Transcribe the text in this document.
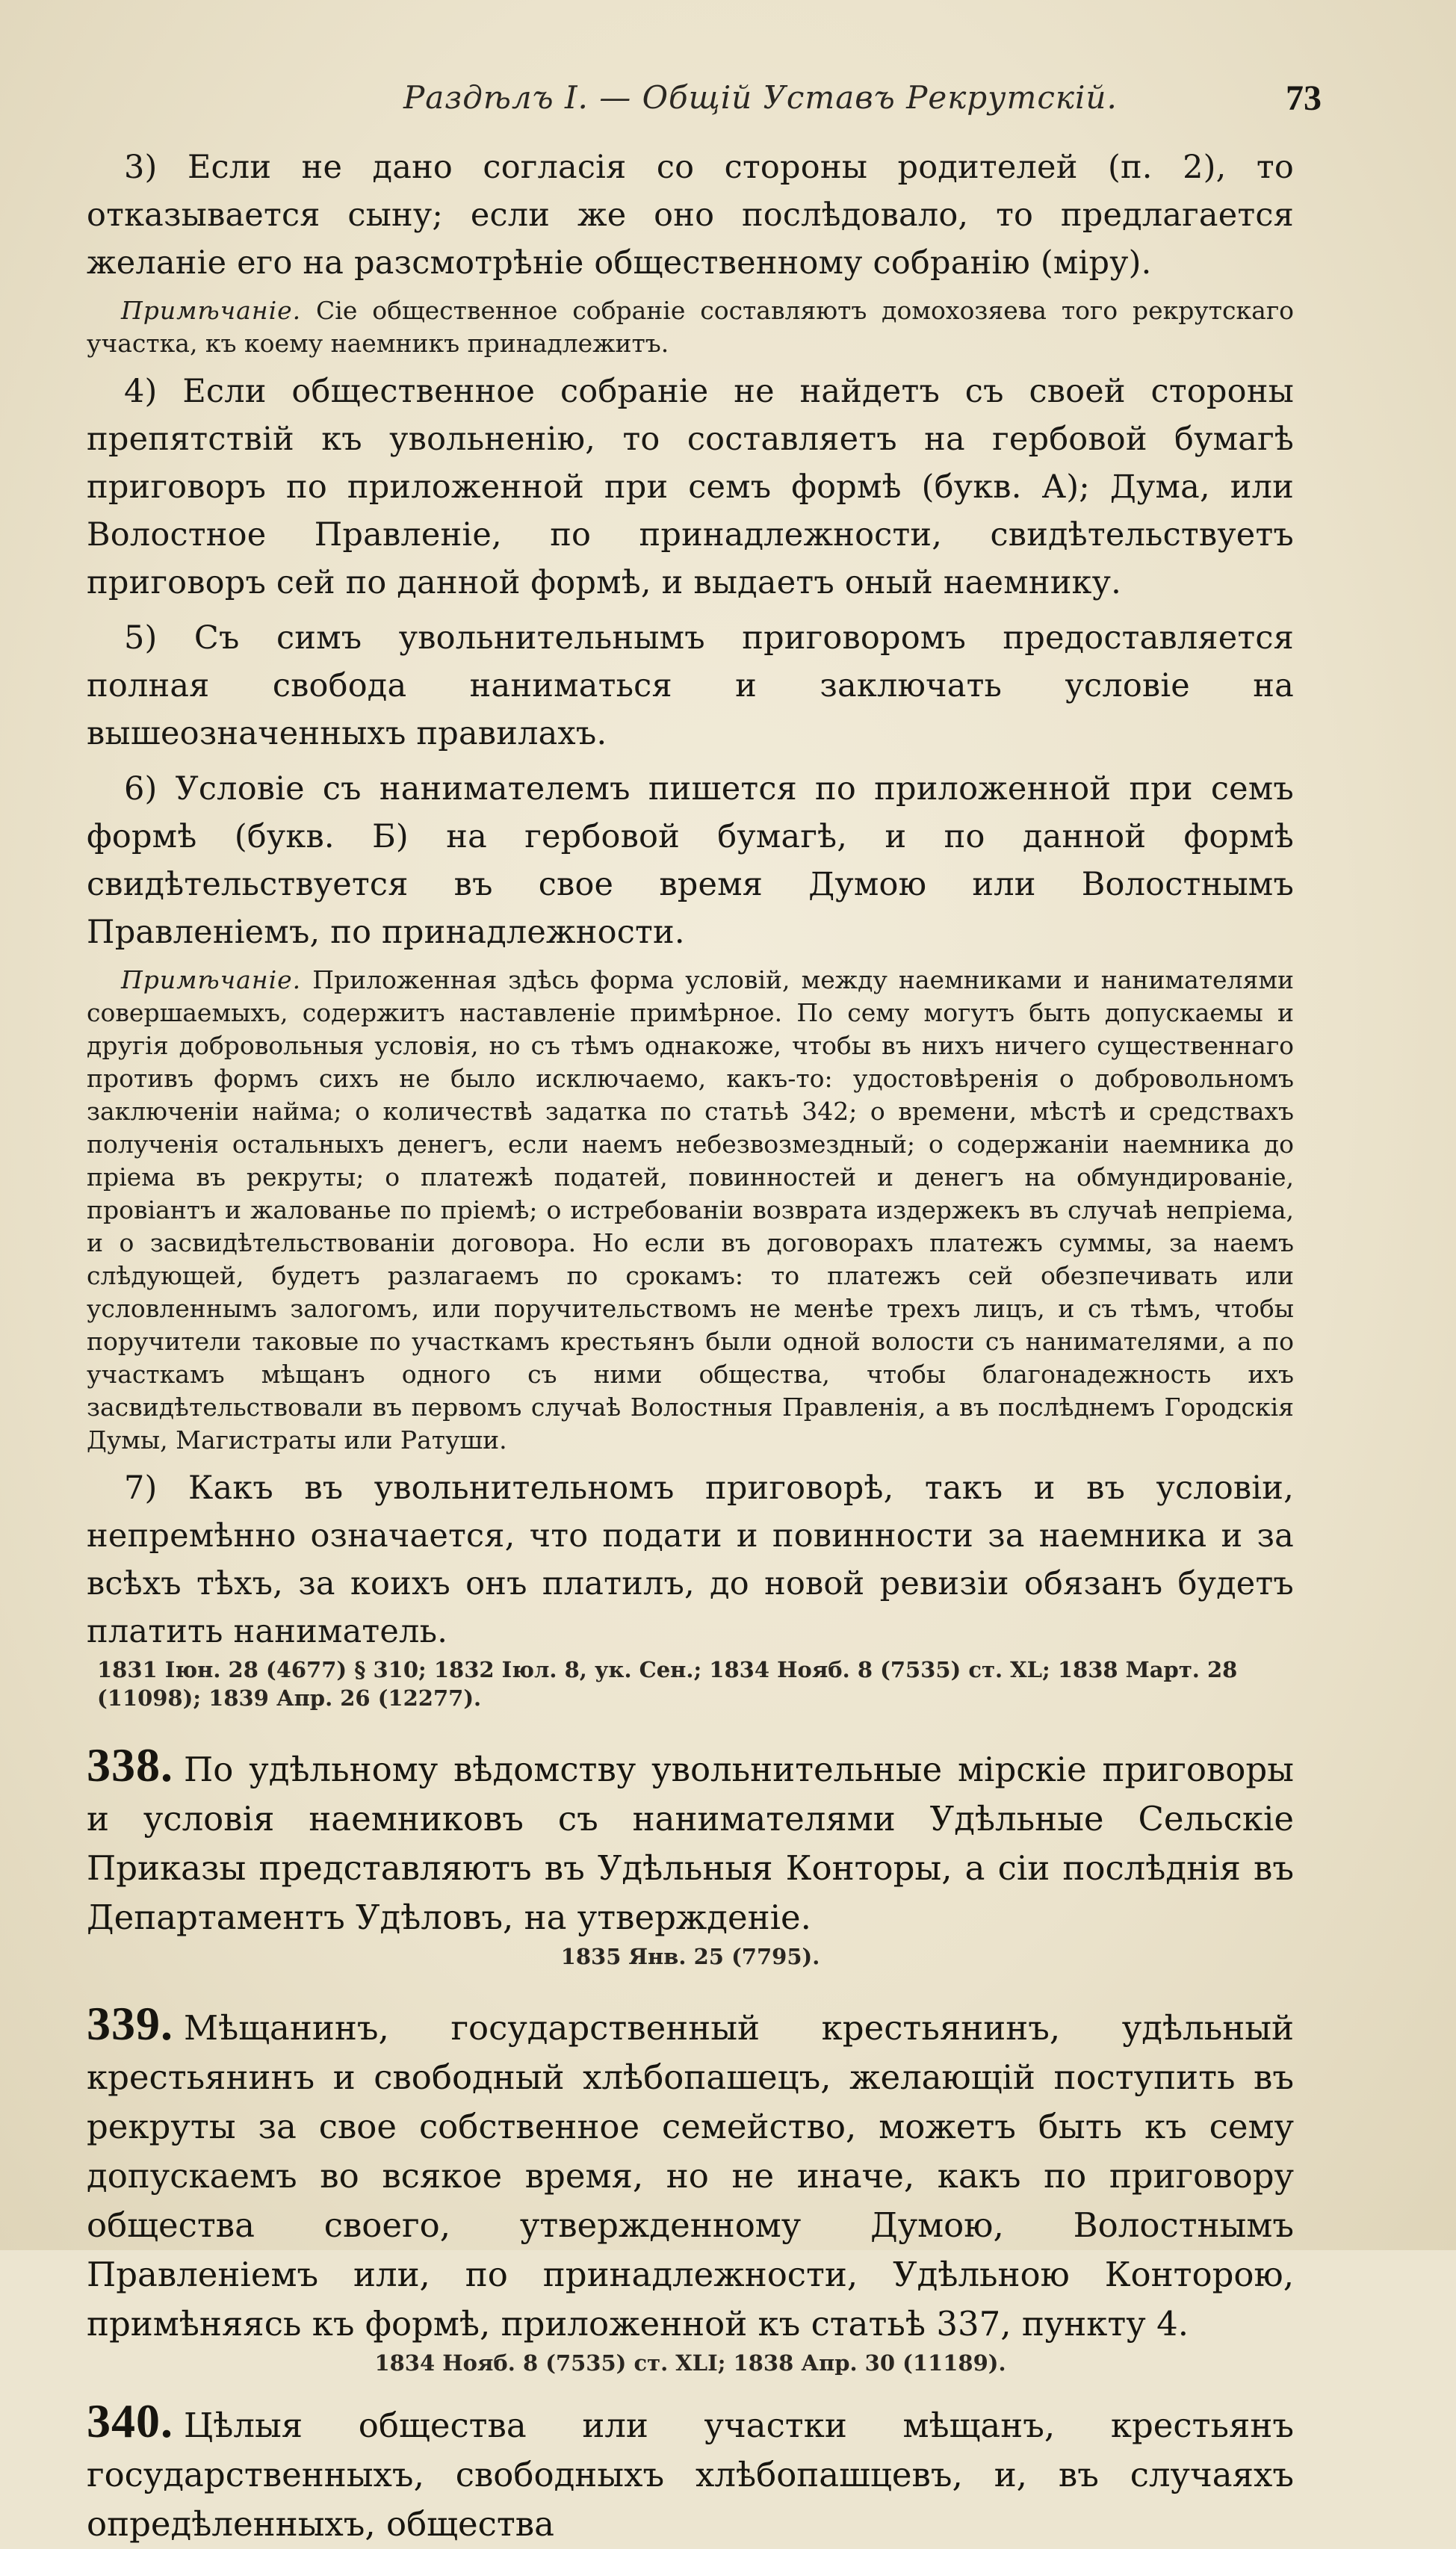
Раздѣлъ I. — Общій Уставъ Рекрутскій.	73

3) Если не дано согласія со стороны родителей (п. 2), то отказывается сыну; если же оно послѣдовало, то предлагается желаніе его на разсмотрѣніе общественному собранію (міру).

Примѣчаніе. Сіе общественное собраніе составляютъ домохозяева того рекрутскаго участка, къ коему наемникъ принадлежитъ.

4) Если общественное собраніе не найдетъ съ своей стороны препятствій къ увольненію, то составляетъ на гербовой бумагѣ приговоръ по приложенной при семъ формѣ (букв. А); Дума, или Волостное Правленіе, по принадлежности, свидѣтельствуетъ приговоръ сей по данной формѣ, и выдаетъ оный наемнику.

5) Съ симъ увольнительнымъ приговоромъ предоставляется полная свобода наниматься и заключать условіе на вышеозначенныхъ правилахъ.

6) Условіе съ нанимателемъ пишется по приложенной при семъ формѣ (букв. Б) на гербовой бумагѣ, и по данной формѣ свидѣтельствуется въ свое время Думою или Волостнымъ Правленіемъ, по принадлежности.

Примѣчаніе. Приложенная здѣсь форма условій, между наемниками и нанимателями совершаемыхъ, содержитъ наставленіе примѣрное. По сему могутъ быть допускаемы и другія добровольныя условія, но съ тѣмъ однакоже, чтобы въ нихъ ничего существеннаго противъ формъ сихъ не было исключаемо, какъ-то: удостовѣренія о добровольномъ заключеніи найма; о количествѣ задатка по статьѣ 342; о времени, мѣстѣ и средствахъ полученія остальныхъ денегъ, если наемъ небезвозмездный; о содержаніи наемника до пріема въ рекруты; о платежѣ податей, повинностей и денегъ на обмундированіе, провіантъ и жалованье по пріемѣ; о истребованіи возврата издержекъ въ случаѣ непріема, и о засвидѣтельствованіи договора. Но если въ договорахъ платежъ суммы, за наемъ слѣдующей, будетъ разлагаемъ по срокамъ: то платежъ сей обезпечивать или условленнымъ залогомъ, или поручительствомъ не менѣе трехъ лицъ, и съ тѣмъ, чтобы поручители таковые по участкамъ крестьянъ были одной волости съ нанимателями, а по участкамъ мѣщанъ одного съ ними общества, чтобы благонадежность ихъ засвидѣтельствовали въ первомъ случаѣ Волостныя Правленія, а въ послѣднемъ Городскія Думы, Магистраты или Ратуши.

7) Какъ въ увольнительномъ приговорѣ, такъ и въ условіи, непремѣнно означается, что подати и повинности за наемника и за всѣхъ тѣхъ, за коихъ онъ платилъ, до новой ревизіи обязанъ будетъ платить наниматель.

1831 Іюн. 28 (4677) § 310; 1832 Іюл. 8, ук. Сен.; 1834 Нояб. 8 (7535) ст. XL; 1838 Март. 28 (11098); 1839 Апр. 26 (12277).

338. По удѣльному вѣдомству увольнительные мірскіе приговоры и условія наемниковъ съ нанимателями Удѣльные Сельскіе Приказы представляютъ въ Удѣльныя Конторы, а сіи послѣднія въ Департаментъ Удѣловъ, на утвержденіе.

1835 Янв. 25 (7795).

339. Мѣщанинъ, государственный крестьянинъ, удѣльный крестьянинъ и свободный хлѣбопашецъ, желающій поступить въ рекруты за свое собственное семейство, можетъ быть къ сему допускаемъ во всякое время, но не иначе, какъ по приговору общества своего, утвержденному Думою, Волостнымъ Правленіемъ или, по принадлежности, Удѣльною Конторою, примѣняясь къ формѣ, приложенной къ статьѣ 337, пункту 4.

1834 Нояб. 8 (7535) ст. XLI; 1838 Апр. 30 (11189).

340. Цѣлыя общества или участки мѣщанъ, крестьянъ государственныхъ, свободныхъ хлѣбопашцевъ, и, въ случаяхъ опредѣленныхъ, общества
